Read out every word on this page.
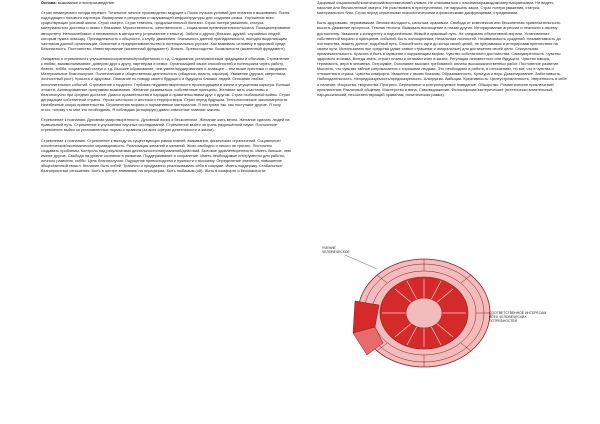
Основа: выживание и воспроизведение.

Страх неминуемого голода пережит. Тотальное личное производство ведущее к Поиск лучших условий для питания и выживания. Поиск подходящего полового партнера. Вымирание и ресурсная и окружающей инфраструктуры для создания семьи. Улучшение всех существующих условий жизни. Страх смерти. Страх темноты, продолжительной болезни. Страх потери уважения, статуса, материального достатка и связи с близкими. Мужественность, женственность – социальная привлекательность/сила. Позиционирование авторитету. Непоколебимое и неизменное в авторитету (стремление к власти). Забота о других (близких, друзей, случайных людей, которым нужна помощь). Принадлежность к общности, к клубу, движению. Значимость данной принадлежности, выгодно выделяющим частников данной организации. Освоение и предпринимательство в потенциальных угрозах. Как выживать человеку в здоровой среде. Безопасность. Постоянство. Инвестирование (жизненный фундамент). Власть. Превосходство. Возможности (жизненный фундамент).

Ожидания и стремления к улучшению/сохранению/приобретению и т.д. Следование установленным традициям и обычаям. Стремление к любви, взаимопонимание, доверию друг к другу, партнёрам и семье. Организацией своих способностей и потенциала через работу, бизнес, хобби, социальный статус и т.д. Высшее образование, чем умнее/эрудированнее и знающее – тем выше престижи и ожидания. Материальное благополучие. Политическая и общественная деятельность (общение, власть, карьера). Уважение (друзья, сверстники, личностный рост). Красота и здоровье. Описание по поводу своего будущего и будущего близких людей. Описание любых исполнительных событий. Стремление к гордости. Глубокая неудовлетворенность происходящим в жизни и упущенная карьера. Больше отчасти. Активированные программы выживания. Желание развиваться: собственные принципы. Желание жить счастливо и благополучно при средних достатке. Диалог правительства и народов и правительствами друг с другом. Страх глобальной войны. Страх деградации собственной страны. Угроза жестокого и жестокого террора мира. Страх перед будущим. Технологические закономерности. Неизбежные споры правительства. Ограничения морали и нормативные материалов. Я поступаю так, как поступают другие. Я хочу этого, потому что мне это необходимо. Я соблюдаю (игнорирую) давно известные главные законы.

Стремление к познанию. Духовная умиротворенность. Духовный поиск и бесконечное. Желание жить вечно. Желание сделать людей на правильный путь. Стремление к улучшению научных исследований. Стремление выйти за грань разрешённой науки. Постоянное стремление выйти за установленные нормы и правила (за всех сферах деятельности и жизни).

Стремление к познанию. Стремление к выходу из существующих рамок знаний, выживания, физических ограничений. Социальное/политическое/экономическое справедливость. Реализация желаний и желаний. Жить свободно и никого не трогать. Постоянно создавать проблемы. Контроль над результатами деятельности/направлений/действий. Бытовое удовлетворенность. Иметь больше, чем имеют другие. Свобода на уровне сознания в развитии. Поддерживание и сохранение. Иметь необходимые инструменты для работы, личного развития, хобби. Цель благополучия. Ощущение превосходства и нужности к высшему. Определение значения, повышение общественный смысл. Желание быть собой. Трагично и продуманно реализовывать себя в социуме. Иметь поддержку. Стабильные/благоприятные отношения. Быть в центре внимания/ на периферии. Быть любимым (ой). Жить в комфорте и безопасности.

Здоровый социальный/политический/экономический климат. Не сталкиваться с насилием/разводом/смертью/увечьями. Не видеть насилие или бесчисленные смерти. Не участвовать в преступлениях, не нарушать закон. Страх потери уважения, статуса, материального благ. Страх перед серьезными психологическими и физическими дисфункциями, страданиями.

Быть здоровыми, неуязвимыми. Вечная молодость, сильным, красивым. Свобода от комплексов или бесконечная привлекательность высота. Движение прогресса. Темная теснота. Вызывать восхищение в глазах других. Игнорирование агрессии и нежности к своему достоинству. Уважение к конкуренту и подчинённым. Живой и красивый путь. Не следовать объективной морали. Установление собственной морали и принципов, событий. Быть полноценным; Нечальным личностей. Независимость суждений. Незаменимость до постоянства, вижить долгие, подобный путь. Способность идти до конца своей целей, не прерываясь и игнорировав препятствия на своем пути. Использовать все средства (даже самые страшные и аморальные) для достижения своей цели. Сексуальная привлекательность. Красота и быть в гармонии с окружающим миром. Чувство собственного достоинства. Самоуверенность. Чувство здорового эгоизма. Всегда знать, строит планы и оптимистичен в жизни. Регуляция неизвестного или будущего. Чувство юмора, терпимость, вера в человека. Остроумие. Осознание высоких требований: оплаты высококачественных работ. Постоянное развитие. Мыслить, что чувство тайное соприкасается с хорошими людьми. Это необходимо в работе, в отношениях, но вот, что в чувства и отношения в страха. Чувство комфорта. Уважение к своим близким. Образованность. Культура и вкус. Доминирование. Заботливость. Наблюдательность. Непредсказуемость/предсказуемость. Альтруизм. Амбиции. Креативность. Целеустремленность. Уверенность в себе и наличии. Искусства, творчества. Прогресс. Бережливое и контролируемое поведение. Обжорство. Романтическое приключение/ приключения. Различный общение. Мастерство и вина. Самовыражение. Философские/эзотерические (эстетически влиятельный, нарциссический, несоответствующий правилам, политическая рамка).

УЧЕНИЕ ЧЕЛОВЕЧЕСКОЕ
СООТВЕТСТВЕННОЕ ИНТЕРЕСАМ ВСЕХ ЧЕЛОВЕЧЕСКИХ ПОТРЕБНОСТЕЙ
